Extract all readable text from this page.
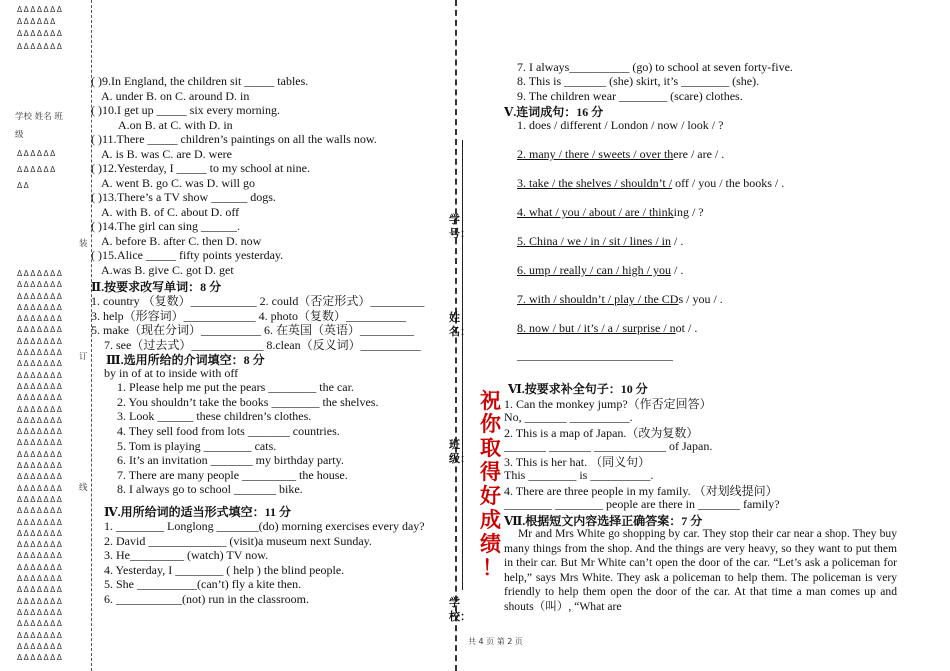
ΔΔΔΔΔΔΔ
ΔΔΔΔΔΔ
ΔΔΔΔΔΔΔ
ΔΔΔΔΔΔΔ
学校 姓名 班
级
ΔΔΔΔΔΔ
ΔΔΔΔΔΔ
ΔΔ
ΔΔΔΔΔΔΔ
ΔΔΔΔΔΔΔ
ΔΔΔΔΔΔΔ
ΔΔΔΔΔΔΔ
ΔΔΔΔΔΔΔ
ΔΔΔΔΔΔΔ
ΔΔΔΔΔΔΔ
ΔΔΔΔΔΔΔ
ΔΔΔΔΔΔΔ
ΔΔΔΔΔΔΔ
ΔΔΔΔΔΔΔ
ΔΔΔΔΔΔΔ
ΔΔΔΔΔΔΔ
ΔΔΔΔΔΔΔ
ΔΔΔΔΔΔΔ
ΔΔΔΔΔΔΔ
ΔΔΔΔΔΔΔ
ΔΔΔΔΔΔΔ
ΔΔΔΔΔΔΔ
ΔΔΔΔΔΔΔ
ΔΔΔΔΔΔΔ
ΔΔΔΔΔΔΔ
ΔΔΔΔΔΔΔ
ΔΔΔΔΔΔΔ
ΔΔΔΔΔΔΔ
ΔΔΔΔΔΔΔ
ΔΔΔΔΔΔΔ
ΔΔΔΔΔΔΔ
ΔΔΔΔΔΔΔ
ΔΔΔΔΔΔΔ
ΔΔΔΔΔΔΔ
ΔΔΔΔΔΔΔ
ΔΔΔΔΔΔΔ
ΔΔΔΔΔΔΔ
ΔΔΔΔΔΔΔ
装
订
线
( )9.In England, the children sit _____ tables.
A. under B. on C. around D. in
( )10.I get up _____ six every morning.
A.on B. at C. with D. in
( )11.There _____ children’s paintings on all the walls now.
A. is B. was C. are D. were
( )12.Yesterday, I _____ to my school at nine.
A. went B. go C. was D. will go
( )13.There’s a TV show ______ dogs.
A. with B. of C. about D. off
( )14.The girl can sing ______.
A. before B. after C. then D. now
( )15.Alice _____ fifty points yesterday.
A.was B. give C. got D. get
Ⅱ.按要求改写单词：8 分
1. country （复数）___________ 2. could（否定形式）_________
3. help（形容词）____________ 4. photo（复数）__________
5. make（现在分词）__________ 6. 在英国（英语）_________
7. see（过去式）____________ 8.clean（反义词）__________
Ⅲ.选用所给的介词填空：8 分
by in of at to inside with off
1. Please help me put the pears ________ the car.
2. You shouldn’t take the books ________ the shelves.
3. Look ______ these children’s clothes.
4. They sell food from lots _______ countries.
5. Tom is playing ________ cats.
6. It’s an invitation _______ my birthday party.
7. There are many people _________ the house.
8. I always go to school _______ bike.
Ⅳ.用所给词的适当形式填空：11 分
1. ________ Longlong _______(do) morning exercises every day?
2. David _____________ (visit)a museum next Sunday.
3. He_________ (watch) TV now.
4. Yesterday, I ________ ( help ) the blind people.
5. She __________(can’t) fly a kite then.
6. ___________(not) run in the classroom.
学号：
姓名：
班级：
学校：
祝
你
取
得
好
成
绩
！
共 4 页 第 2 页
7. I always__________ (go) to school at seven forty-five.
8. This is _______ (she) skirt, it’s ________ (she).
9. The children wear ________ (scare) clothes.
Ⅴ.连词成句：16 分
1. does / different / London / now / look / ?
2. many / there / sweets / over there / are / .
3. take / the shelves / shouldn’t / off / you / the books / .
4. what / you / about / are / thinking / ?
5. China / we / in / sit / lines / in / .
6. ump / really / can / high / you / .
7. with / shouldn’t / play / the CDs / you / .
8. now / but / it’s / a / surprise / not / .
__________________________
Ⅵ.按要求补全句子：10 分
1. Can the monkey jump?（作否定回答）
No, _______ __________.
2. This is a map of Japan.（改为复数）
_______ _______ ____________ of Japan.
3. This is her hat. （同义句）
This ________ is __________.
4. There are three people in my family. （对划线提问）
________ ________ people are there in _______ family?
Ⅶ.根据短文内容选择正确答案：7 分
Mr and Mrs White go shopping by car. They stop their car near a shop. They buy many things from the shop. And the things are very heavy, so they want to put them in their car. But Mr White can’t open the door of the car. “Let’s ask a policeman for help,” says Mrs White. They ask a policeman to help them. The policeman is very friendly to help them open the door of the car. At that time a man comes up and shouts（叫）, “What are
